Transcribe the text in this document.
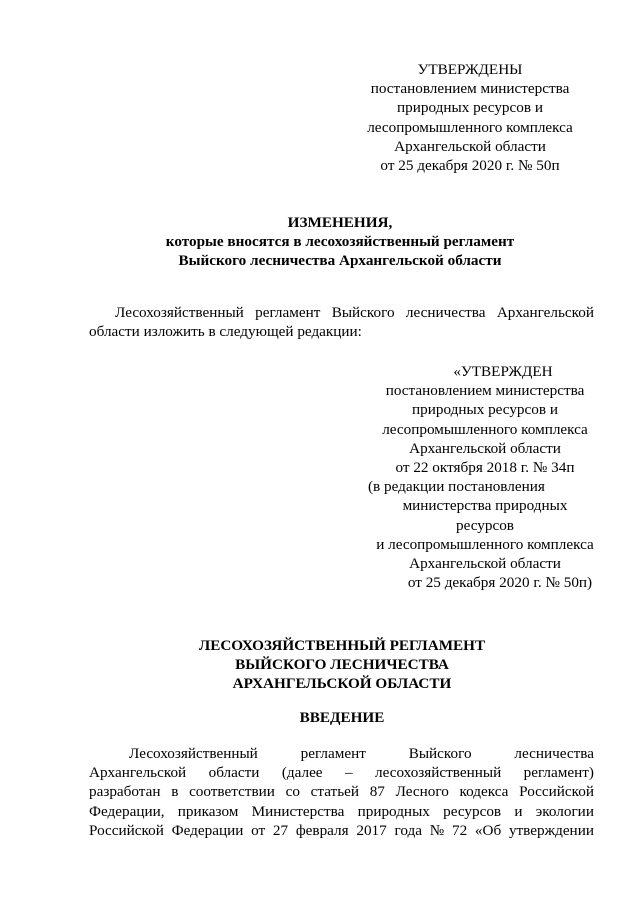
УТВЕРЖДЕНЫ
постановлением министерства
природных ресурсов и
лесопромышленного комплекса
Архангельской области
от 25 декабря 2020 г. № 50п
ИЗМЕНЕНИЯ,
которые вносятся в лесохозяйственный регламент
Выйского лесничества Архангельской области
Лесохозяйственный регламент Выйского лесничества Архангельской области изложить в следующей редакции:
«УТВЕРЖДЕН
постановлением министерства
природных ресурсов и
лесопромышленного комплекса
Архангельской области
от 22 октября 2018 г. № 34п
(в редакции постановления
министерства природных
ресурсов
и лесопромышленного комплекса
Архангельской области
от 25 декабря 2020 г. № 50п)
ЛЕСОХОЗЯЙСТВЕННЫЙ РЕГЛАМЕНТ
ВЫЙСКОГО ЛЕСНИЧЕСТВА
АРХАНГЕЛЬСКОЙ ОБЛАСТИ
ВВЕДЕНИЕ
Лесохозяйственный	регламент	Выйского	лесничества
Архангельской области (далее – лесохозяйственный регламент)
разработан в соответствии со статьей 87 Лесного кодекса Российской
Федерации, приказом Министерства природных ресурсов и экологии
Российской Федерации от 27 февраля 2017 года № 72 «Об утверждении
